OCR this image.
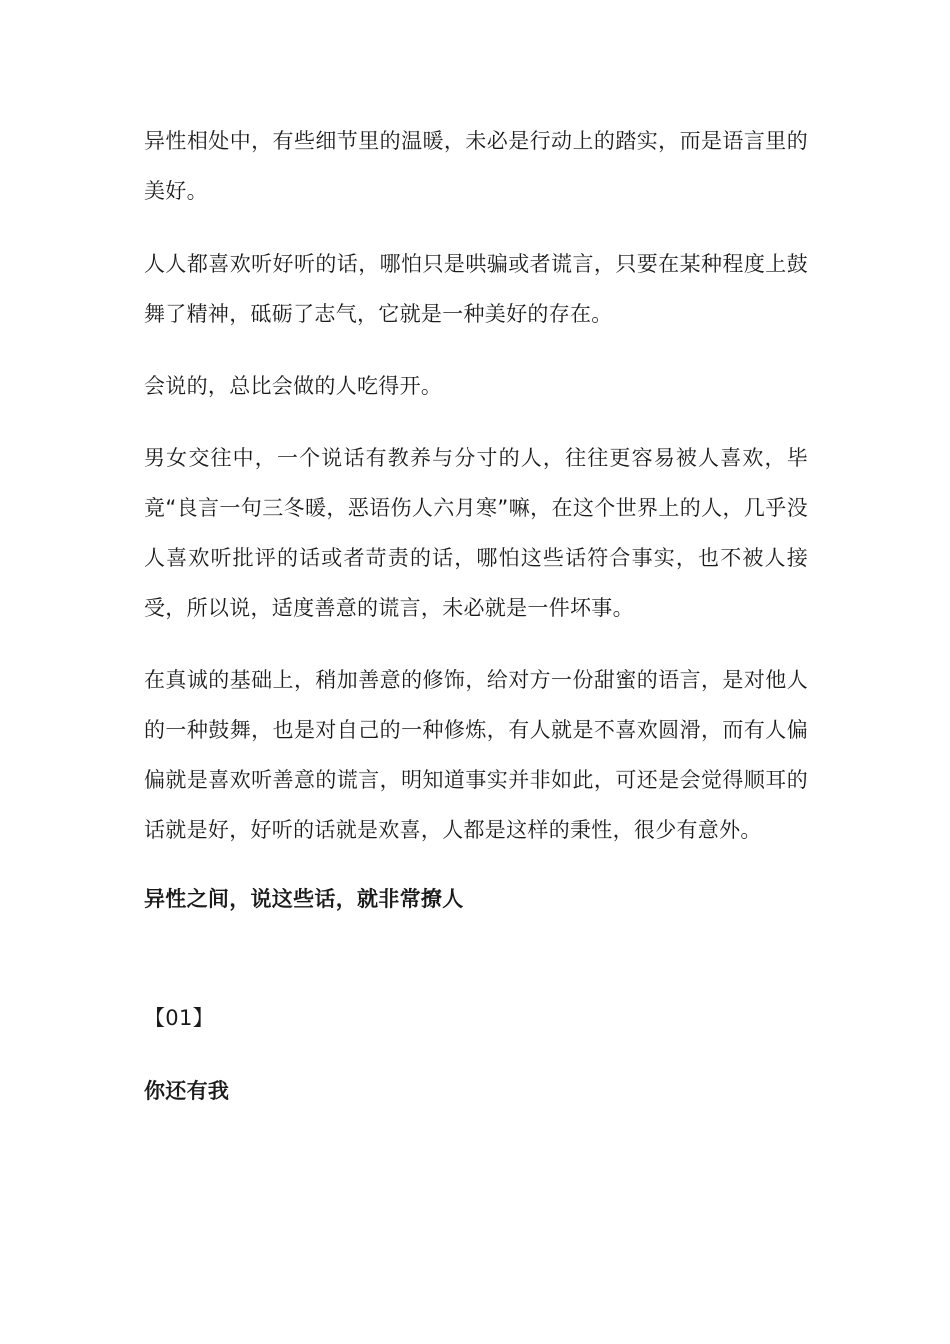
异性相处中，有些细节里的温暖，未必是行动上的踏实，而是语言里的美好。

人人都喜欢听好听的话，哪怕只是哄骗或者谎言，只要在某种程度上鼓舞了精神，砥砺了志气，它就是一种美好的存在。

会说的，总比会做的人吃得开。

男女交往中，一个说话有教养与分寸的人，往往更容易被人喜欢，毕竟“良言一句三冬暖，恶语伤人六月寒”嘛，在这个世界上的人，几乎没人喜欢听批评的话或者苛责的话，哪怕这些话符合事实，也不被人接受，所以说，适度善意的谎言，未必就是一件坏事。

在真诚的基础上，稍加善意的修饰，给对方一份甜蜜的语言，是对他人的一种鼓舞，也是对自己的一种修炼，有人就是不喜欢圆滑，而有人偏偏就是喜欢听善意的谎言，明知道事实并非如此，可还是会觉得顺耳的话就是好，好听的话就是欢喜，人都是这样的秉性，很少有意外。

异性之间，说这些话，就非常撩人

【01】

你还有我
